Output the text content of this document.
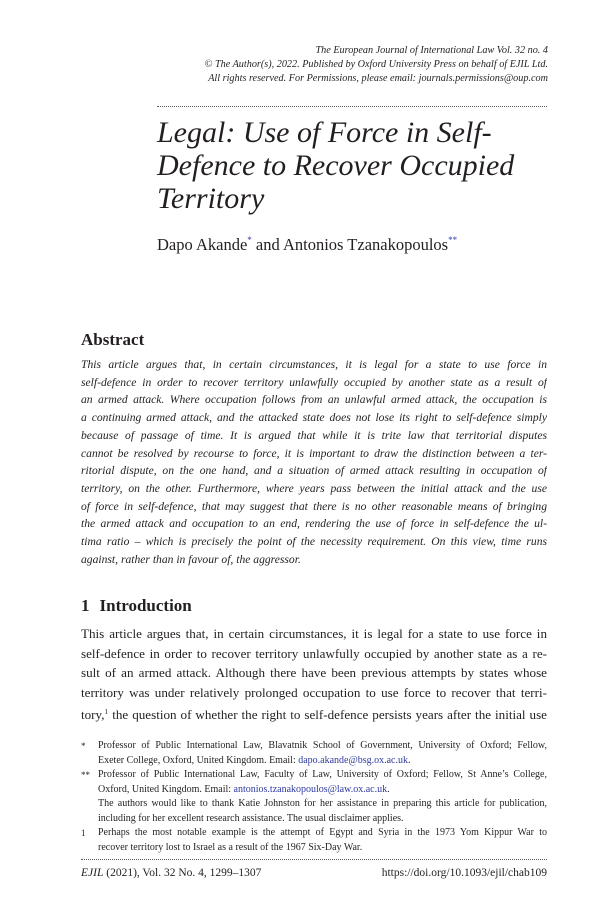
The European Journal of International Law Vol. 32 no. 4
© The Author(s), 2022. Published by Oxford University Press on behalf of EJIL Ltd.
All rights reserved. For Permissions, please email: journals.permissions@oup.com
Legal: Use of Force in Self-
Defence to Recover Occupied
Territory
Dapo Akande* and Antonios Tzanakopoulos**
Abstract
This article argues that, in certain circumstances, it is legal for a state to use force in
self-defence in order to recover territory unlawfully occupied by another state as a result of
an armed attack. Where occupation follows from an unlawful armed attack, the occupation is
a continuing armed attack, and the attacked state does not lose its right to self-defence simply
because of passage of time. It is argued that while it is trite law that territorial disputes
cannot be resolved by recourse to force, it is important to draw the distinction between a ter-
ritorial dispute, on the one hand, and a situation of armed attack resulting in occupation of
territory, on the other. Furthermore, where years pass between the initial attack and the use
of force in self-defence, that may suggest that there is no other reasonable means of bringing
the armed attack and occupation to an end, rendering the use of force in self-defence the ul-
tima ratio – which is precisely the point of the necessity requirement. On this view, time runs
against, rather than in favour of, the aggressor.
1 Introduction
This article argues that, in certain circumstances, it is legal for a state to use force in
self-defence in order to recover territory unlawfully occupied by another state as a re-
sult of an armed attack. Although there have been previous attempts by states whose
territory was under relatively prolonged occupation to use force to recover that terri-
tory,$^1$ the question of whether the right to self-defence persists years after the initial use
* Professor of Public International Law, Blavatnik School of Government, University of Oxford; Fellow,
Exeter College, Oxford, United Kingdom. Email: dapo.akande@bsg.ox.ac.uk.
** Professor of Public International Law, Faculty of Law, University of Oxford; Fellow, St Anne’s College,
Oxford, United Kingdom. Email: antonios.tzanakopoulos@law.ox.ac.uk.
The authors would like to thank Katie Johnston for her assistance in preparing this article for publication,
including for her excellent research assistance. The usual disclaimer applies.
1 Perhaps the most notable example is the attempt of Egypt and Syria in the 1973 Yom Kippur War to
recover territory lost to Israel as a result of the 1967 Six-Day War.
EJIL (2021), Vol. 32 No. 4, 1299–1307	https://doi.org/10.1093/ejil/chab109
